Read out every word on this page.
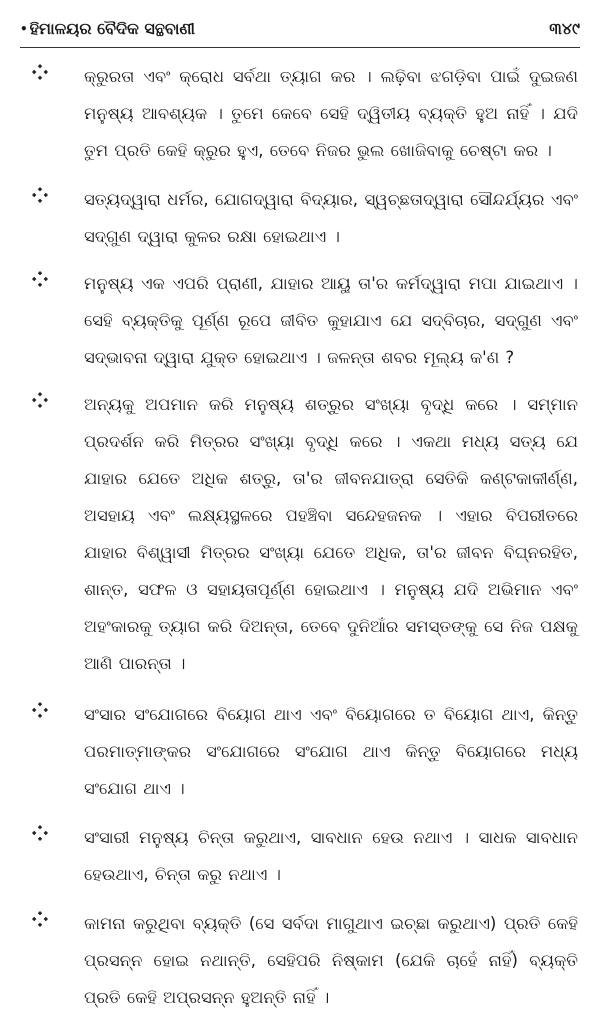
• ହିମାଳୟର ବୈଦିକ ସନ୍ଥବାଣୀ	୩୪୯

କ୍ରୁରତା ଏବଂ କ୍ରୋଧ ସର୍ବଥା ତ୍ୟାଗ କର । ଲଢ଼ିବା ଝଗଡ଼ିବା ପାଇଁ ଦୁଇଜଣ ମନୁଷ୍ୟ ଆବଶ୍ୟକ । ତୁମେ କେବେ ସେହି ଦ୍ୱିତୀୟ ବ୍ୟକ୍ତି ହୁଅ ନାହିଁ । ଯଦି ତୁମ ପ୍ରତି କେହି କ୍ରୁର ହୁଏ, ତେବେ ନିଜର ଭୁଲ ଖୋଜିବାକୁ ଚେଷ୍ଟା କର ।

ସତ୍ୟଦ୍ୱାରା ଧର୍ମର, ଯୋଗଦ୍ୱାରା ବିଦ୍ୟାର, ସ୍ୱଚ୍ଛତାଦ୍ୱାରା ସୌନ୍ଦର୍ଯ୍ୟର ଏବଂ ସଦ୍‌ଗୁଣ ଦ୍ୱାରା କୁଳର ରକ୍ଷା ହୋଇଥାଏ ।

ମନୁଷ୍ୟ ଏକ ଏପରି ପ୍ରାଣୀ, ଯାହାର ଆୟୁ ତା'ର କର୍ମଦ୍ୱାରା ମପା ଯାଇଥାଏ । ସେହି ବ୍ୟକ୍ତିକୁ ପୂର୍ଣ୍ଣ ରୂପେ ଜୀବିତ କୁହାଯାଏ ଯେ ସଦ୍‌ବିଚାର, ସଦ୍‌ଗୁଣ ଏବଂ ସଦ୍‌ଭାବନା ଦ୍ୱାରା ଯୁକ୍ତ ହୋଇଥାଏ । ଜଳନ୍ତା ଶବର ମୂଲ୍ୟ କ'ଣ ?

ଅନ୍ୟକୁ ଅପମାନ କରି ମନୁଷ୍ୟ ଶତ୍ରୁର ସଂଖ୍ୟା ବୃଦ୍ଧି କରେ । ସମ୍ମାନ ପ୍ରଦର୍ଶନ କରି ମିତ୍ରର ସଂଖ୍ୟା ବୃଦ୍ଧି କରେ । ଏକଥା ମଧ୍ୟ ସତ୍ୟ ଯେ ଯାହାର ଯେତେ ଅଧିକ ଶତ୍ରୁ, ତା'ର ଜୀବନଯାତ୍ରା ସେତିକି କଣ୍ଟକାକୀର୍ଣ୍ଣ, ଅସହାୟ ଏବଂ ଲକ୍ଷ୍ୟସ୍ଥଳରେ ପହଞ୍ଚିବା ସନ୍ଦେହଜନକ । ଏହାର ବିପରୀତରେ ଯାହାର ବିଶ୍ୱାସୀ ମିତ୍ରର ସଂଖ୍ୟା ଯେତେ ଅଧିକ, ତା'ର ଜୀବନ ବିଘ୍ନରହିତ, ଶାନ୍ତ, ସଫଳ ଓ ସହାୟତାପୂର୍ଣ୍ଣ ହୋଇଥାଏ । ମନୁଷ୍ୟ ଯଦି ଅଭିମାନ ଏବଂ ଅହଂକାରକୁ ତ୍ୟାଗ କରି ଦିଅନ୍ତା, ତେବେ ଦୁନିଆଁର ସମସ୍ତଙ୍କୁ ସେ ନିଜ ପକ୍ଷକୁ ଆଣି ପାରନ୍ତା ।

ସଂସାର ସଂଯୋଗରେ ବିୟୋଗ ଥାଏ ଏବଂ ବିୟୋଗରେ ତ ବିୟୋଗ ଥାଏ, କିନ୍ତୁ ପରମାତ୍ମାଙ୍କର ସଂଯୋଗରେ ସଂଯୋଗ ଥାଏ କିନ୍ତୁ ବିୟୋଗରେ ମଧ୍ୟ ସଂଯୋଗ ଥାଏ ।

ସଂସାରୀ ମନୁଷ୍ୟ ଚିନ୍ତା କରୁଥାଏ, ସାବଧାନ ହେଉ ନଥାଏ । ସାଧକ ସାବଧାନ ହେଉଥାଏ, ଚିନ୍ତା କରୁ ନଥାଏ ।

କାମନା କରୁଥିବା ବ୍ୟକ୍ତି (ସେ ସର୍ବଦା ମାଗୁଥାଏ ଇଚ୍ଛା କରୁଥାଏ) ପ୍ରତି କେହି ପ୍ରସନ୍ନ ହୋଇ ନଥାନ୍ତି, ସେହିପରି ନିଷ୍କାମ (ଯେକି ଚାହେଁ ନାହିଁ) ବ୍ୟକ୍ତି ପ୍ରତି କେହି ଅପ୍ରସନ୍ନ ହୁଅନ୍ତି ନାହିଁ ।
